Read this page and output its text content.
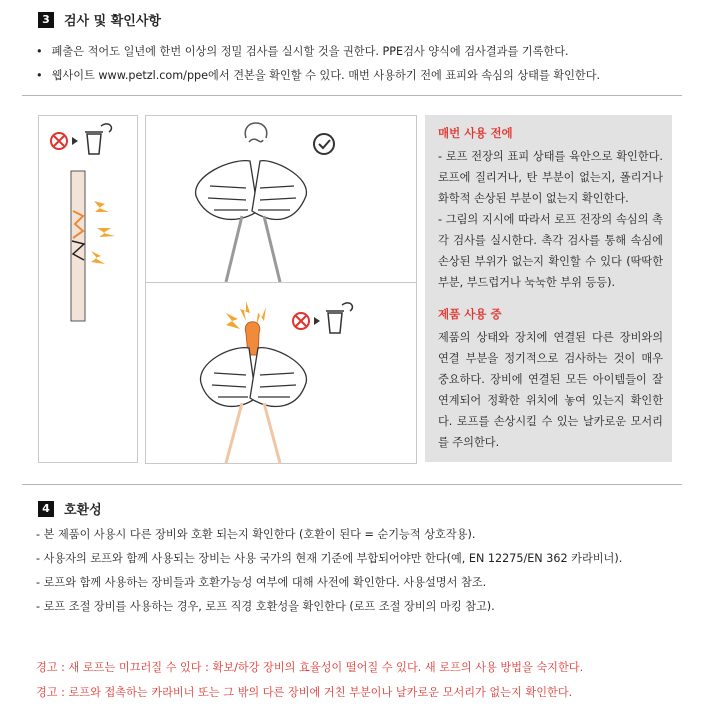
3	검사 및 확인사항
• 폐출은 적어도 일년에 한번 이상의 정밀 검사를 실시할 것을 권한다. PPE검사 양식에 검사결과를 기록한다.
• 웹사이트 www.petzl.com/ppe에서 견본을 확인할 수 있다. 매번 사용하기 전에 표피와 속심의 상태를 확인한다.
매번 사용 전에
- 로프 전장의 표피 상태를 육안으로 확인한다. 로프에 질리거나, 탄 부분이 없는지, 폴리거나 화학적 손상된 부분이 없는지 확인한다.
- 그림의 지시에 따라서 로프 전장의 속심의 촉각 검사를 실시한다. 촉각 검사를 통해 속심에 손상된 부위가 없는지 확인할 수 있다 (딱딱한 부분, 부드럽거나 눅눅한 부위 등등).
제품 사용 중
제품의 상태와 장치에 연결된 다른 장비와의 연결 부분을 정기적으로 검사하는 것이 매우 중요하다. 장비에 연결된 모든 아이템들이 잘 연계되어 정확한 위치에 놓여 있는지 확인한다. 로프를 손상시킬 수 있는 날카로운 모서리를 주의한다.
4	호환성
- 본 제품이 사용시 다른 장비와 호환 되는지 확인한다 (호환이 된다 = 순기능적 상호작용).
- 사용자의 로프와 함께 사용되는 장비는 사용 국가의 현재 기준에 부합되어야만 한다(예, EN 12275/EN 362 카라비너).
- 로프와 함께 사용하는 장비들과 호환가능성 여부에 대해 사전에 확인한다. 사용설명서 참조.
- 로프 조절 장비를 사용하는 경우, 로프 직경 호환성을 확인한다 (로프 조절 장비의 마킹 참고).
경고 : 새 로프는 미끄러질 수 있다 : 확보/하강 장비의 효율성이 떨어질 수 있다. 새 로프의 사용 방법을 숙지한다.
경고 : 로프와 접촉하는 카라비너 또는 그 밖의 다른 장비에 거친 부분이나 날카로운 모서리가 없는지 확인한다.
